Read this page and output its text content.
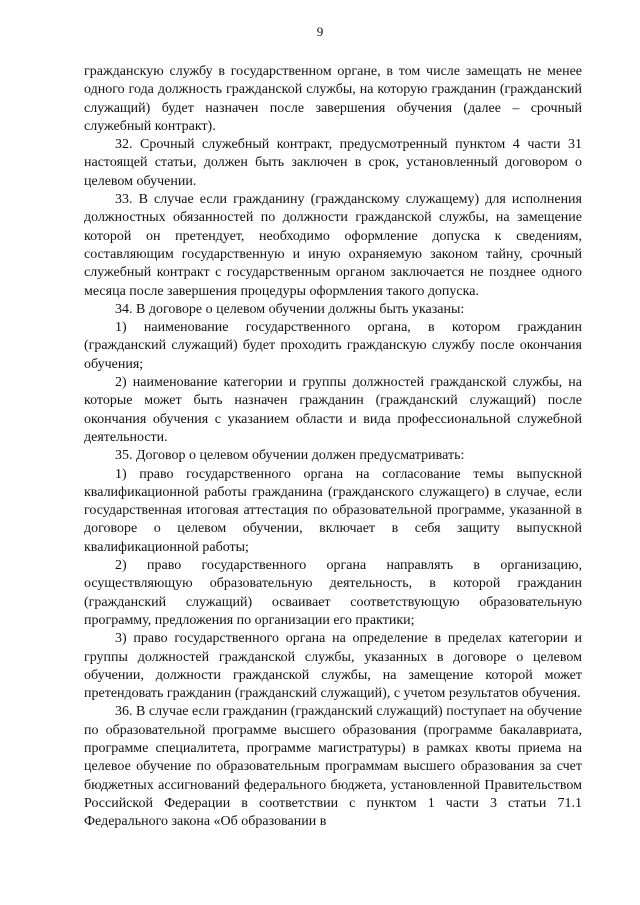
9

гражданскую службу в государственном органе, в том числе замещать не менее одного года должность гражданской службы, на которую гражданин (гражданский служащий) будет назначен после завершения обучения (далее – срочный служебный контракт).

32. Срочный служебный контракт, предусмотренный пунктом 4 части 31 настоящей статьи, должен быть заключен в срок, установленный договором о целевом обучении.

33. В случае если гражданину (гражданскому служащему) для исполнения должностных обязанностей по должности гражданской службы, на замещение которой он претендует, необходимо оформление допуска к сведениям, составляющим государственную и иную охраняемую законом тайну, срочный служебный контракт с государственным органом заключается не позднее одного месяца после завершения процедуры оформления такого допуска.

34. В договоре о целевом обучении должны быть указаны:

1) наименование государственного органа, в котором гражданин (гражданский служащий) будет проходить гражданскую службу после окончания обучения;

2) наименование категории и группы должностей гражданской службы, на которые может быть назначен гражданин (гражданский служащий) после окончания обучения с указанием области и вида профессиональной служебной деятельности.

35. Договор о целевом обучении должен предусматривать:

1) право государственного органа на согласование темы выпускной квалификационной работы гражданина (гражданского служащего) в случае, если государственная итоговая аттестация по образовательной программе, указанной в договоре о целевом обучении, включает в себя защиту выпускной квалификационной работы;

2) право государственного органа направлять в организацию, осуществляющую образовательную деятельность, в которой гражданин (гражданский служащий) осваивает соответствующую образовательную программу, предложения по организации его практики;

3) право государственного органа на определение в пределах категории и группы должностей гражданской службы, указанных в договоре о целевом обучении, должности гражданской службы, на замещение которой может претендовать гражданин (гражданский служащий), с учетом результатов обучения.

36. В случае если гражданин (гражданский служащий) поступает на обучение по образовательной программе высшего образования (программе бакалавриата, программе специалитета, программе магистратуры) в рамках квоты приема на целевое обучение по образовательным программам высшего образования за счет бюджетных ассигнований федерального бюджета, установленной Правительством Российской Федерации в соответствии с пунктом 1 части 3 статьи 71.1 Федерального закона «Об образовании в
